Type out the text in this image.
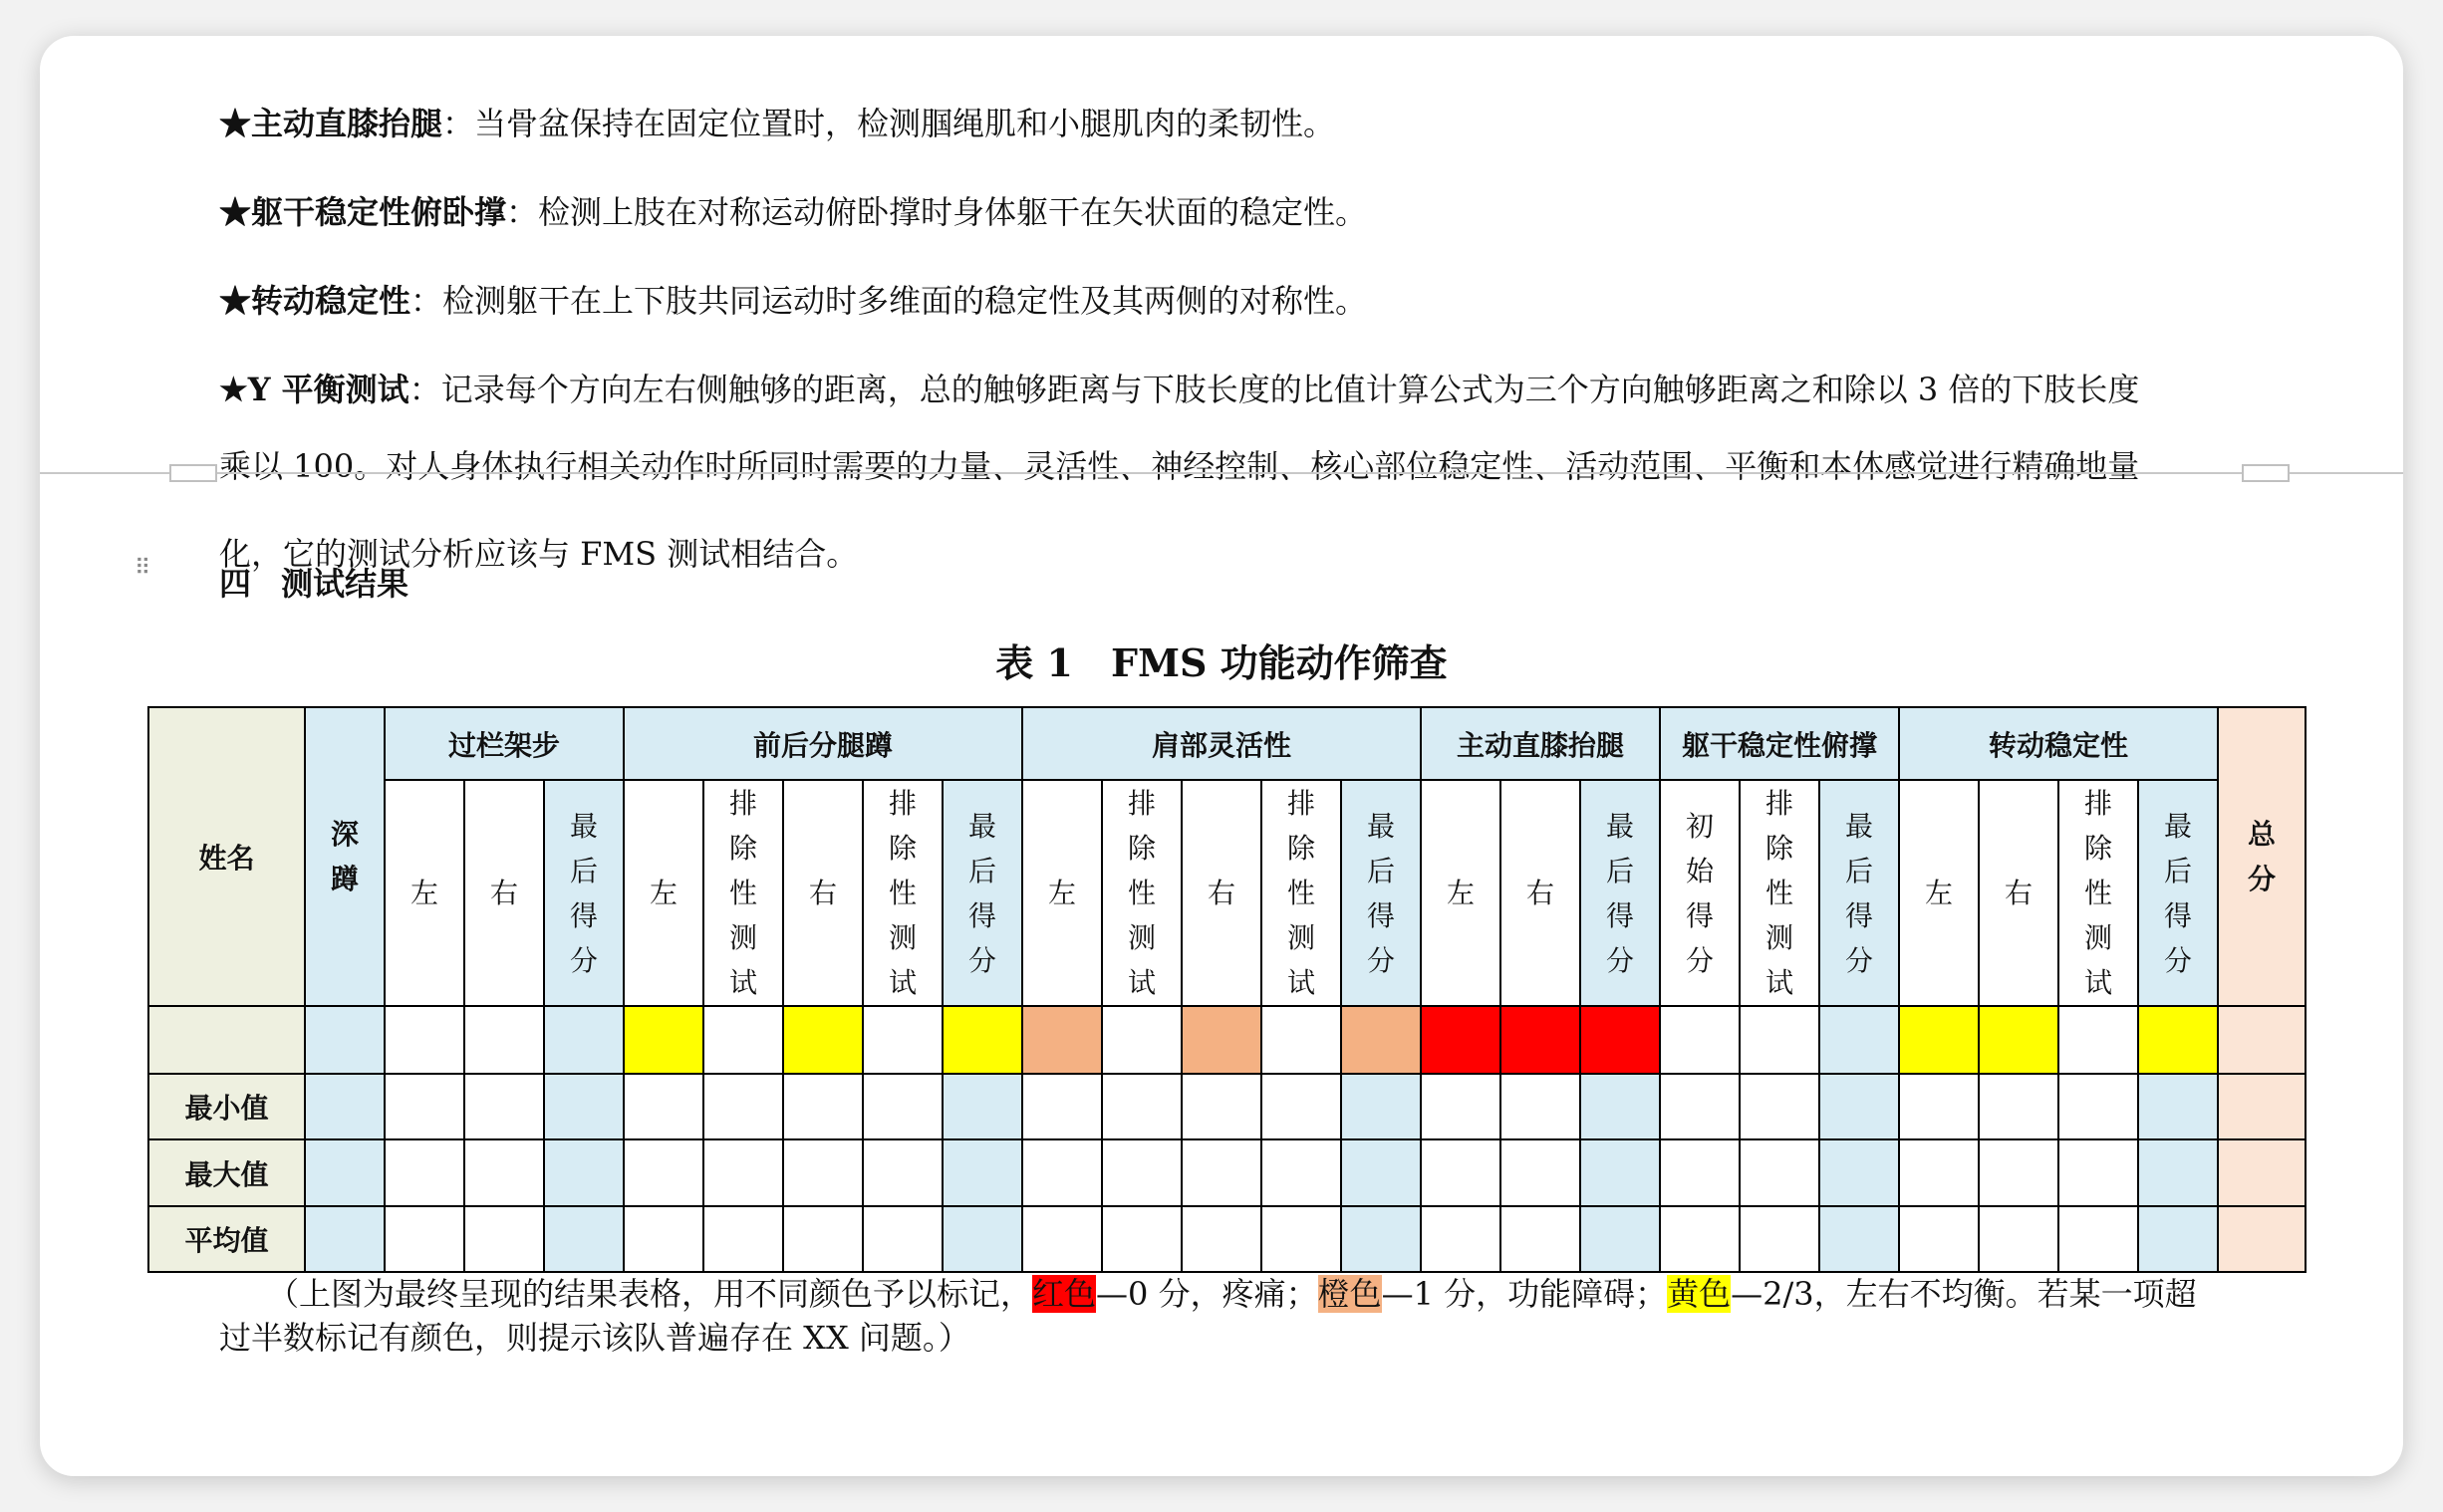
★主动直膝抬腿：当骨盆保持在固定位置时，检测腘绳肌和小腿肌肉的柔韧性。
★躯干稳定性俯卧撑：检测上肢在对称运动俯卧撑时身体躯干在矢状面的稳定性。
★转动稳定性：检测躯干在上下肢共同运动时多维面的稳定性及其两侧的对称性。
★Y 平衡测试：记录每个方向左右侧触够的距离，总的触够距离与下肢长度的比值计算公式为三个方向触够距离之和除以 3 倍的下肢长度
乘以 100。对人身体执行相关动作时所同时需要的力量、灵活性、神经控制、核心部位稳定性、活动范围、平衡和本体感觉进行精确地量
化，它的测试分析应该与 FMS 测试相结合。
⠿ 四 测试结果
表 1 FMS 功能动作筛查
姓名	深蹲	过栏架步			前后分腿蹲					肩部灵活性					主动直膝抬腿			躯干稳定性俯撑			转动稳定性				总分
		左	右	最后得分	左	排除性测试	右	排除性测试	最后得分	左	排除性测试	右	排除性测试	最后得分	左	右	最后得分	初始得分	排除性测试	最后得分	左	右	排除性测试	最后得分	

最小值																									
最大值																									
平均值																									
（上图为最终呈现的结果表格，用不同颜色予以标记，红色—0 分，疼痛；橙色—1 分，功能障碍；黄色—2/3，左右不均衡。若某一项超
过半数标记有颜色，则提示该队普遍存在 XX 问题。）
